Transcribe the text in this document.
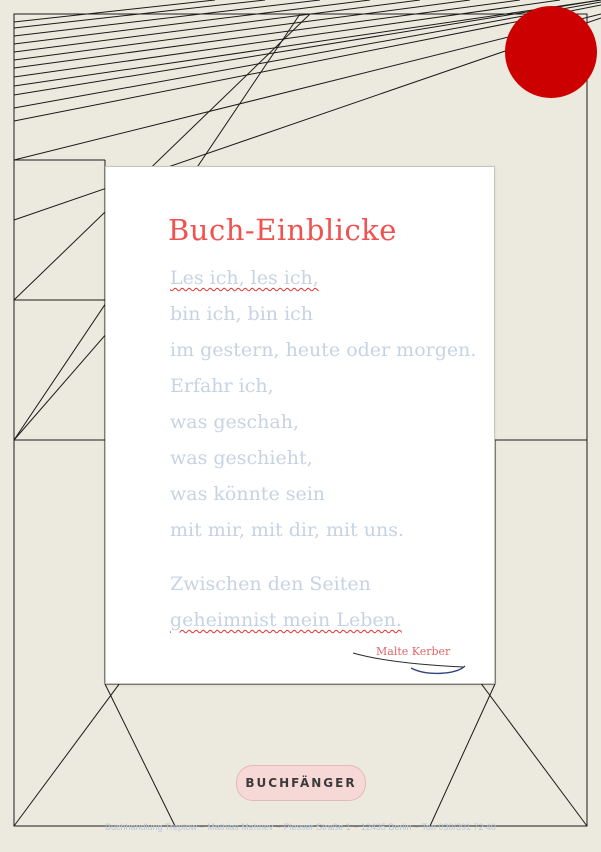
Buch-Einblicke
Les ich, les ich,
bin ich, bin ich
im gestern, heute oder morgen.
Erfahr ich,
was geschah,
was geschieht,
was könnte sein
mit mir, mit dir, mit uns.
Zwischen den Seiten
geheimnist mein Leben.
Malte Kerber
BUCHFÄNGER
Buchhandlung Treptow ~ Mathias Mehnev ~ Plesser Straße 1 ~ 12435 Berlin ~ Ton 030/391 72 40
